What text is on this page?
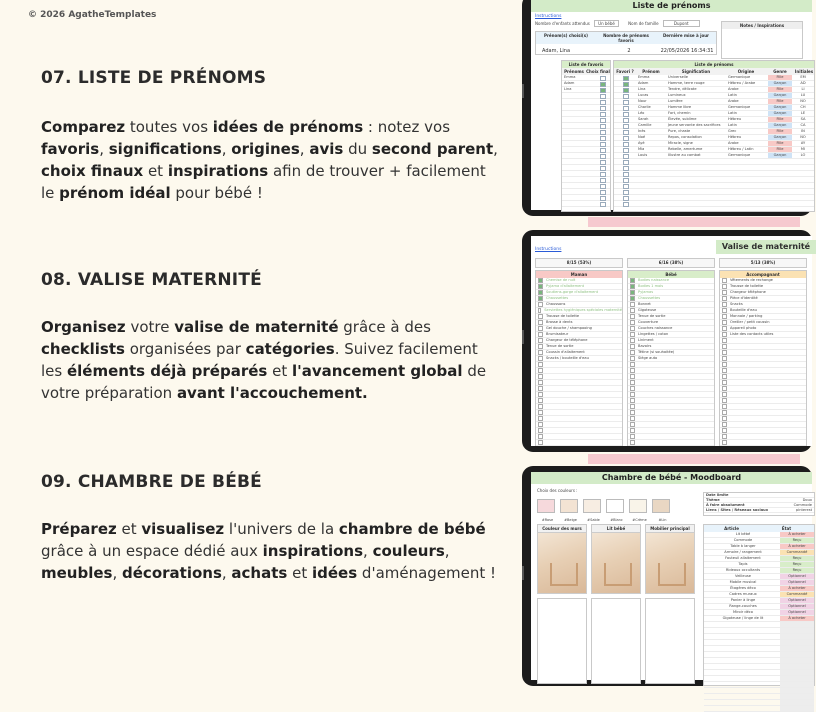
© 2026 AgatheTemplates
07. LISTE DE PRÉNOMS

Comparez toutes vos idées de prénoms : notez vos favoris, significations, origines, avis du second parent, choix finaux et inspirations afin de trouver + facilement le prénom idéal pour bébé !

08. VALISE MATERNITÉ

Organisez votre valise de maternité grâce à des checklists organisées par catégories. Suivez facilement les éléments déjà préparés et l'avancement global de votre préparation avant l'accouchement.

09. CHAMBRE DE BÉBÉ

Préparez et visualisez l'univers de la chambre de bébé grâce à un espace dédié aux inspirations, couleurs, meubles, décorations, achats et idées d'aménagement !

Liste de prénoms
Instructions
Nombre d'enfants attendus Un bébé	Nom de famille	Dupont	Notes / Inspirations
Prénom(s) choisi(s)	Nombre de prénoms favoris
Dernière mise à jour
Adam, Lina	2	22/05/2026 16:34:31
Liste de favoris
Prénoms Choix final
Emma
Adam
Lina
Liste de prénoms
Favori ?	Prénom	Signification	Origine	Genre	Initiales
Emma	Universelle	Germanique	Fille	EM
Adam	Homme, terre rouge	Hébreu / Arabe	Garçon	AD
Lina	Tendre, délicate	Arabe	Fille	LI
Lucas	Lumineux	Latin	Garçon	LU
Nour	Lumière	Arabe	Fille	NO
Charlie	Homme libre	Germanique	Garçon	CH
Léo	Fort, chemin	Latin	Garçon	LE
Sarah	Élevée, sublime	Hébreu	Fille	SA
Camille	Jeune servante des sacrifices	Latin	Garçon	CA
Inès	Pure, chaste	Grec	Fille	IN
Noé	Repos, consolation	Hébreu	Garçon	NO
Ayé	Miracle, signe	Arabe	Fille	AY
Mia	Rebelle, amertume	Hébreu / Latin	Fille	MI
Louis	Illustre au combat	Germanique	Garçon	LO
Instructions	Valise de maternité
8/15 (53%)
Maman
Chemise de nuit
Pyjama d'allaitement
Soutiens-gorge d'allaitement
Chaussettes
Chaussons
Serviettes hygiéniques spéciales maternité
Trousse de toilette
Brosse à dents
Gel douche / shampooing
Brumisateur
Chargeur de téléphone
Tenue de sortie
Coussin d'allaitement
Snacks / bouteille d'eau
6/16 (38%)
Bébé
Bodies naissance
Bodies 1 mois
Pyjamas
Chaussettes
Bonnet
Gigoteuse
Tenue de sortie
Couverture
Couches naissance
Lingettes / coton
Liniment
Bavoirs
Tétine (si souhaitée)
Siège auto
5/13 (38%)
Accompagnant
Vêtements de rechange
Trousse de toilette
Chargeur téléphone
Pièce d'identité
Snacks
Bouteille d'eau
Monnaie / parking
Oreiller / petit coussin
Appareil photo
Liste des contacts utiles
Chambre de bébé - Moodboard
Choix des couleurs :
#Rose	#Beige	#Sable	#Blanc	#Crème	#Lin
Couleur des murs	Lit bébé	Mobilier principal
Date limite
Thème	Doux
À faire absolument	Commode
Liens / Sites / Réseaux sociaux	pinterest
Article	État
Lit bébé	À acheter
Commode	Reçu
Table à langer	À acheter
Armoire / rangement	Commandé
Fauteuil allaitement	Reçu
Tapis	Reçu
Rideaux occultants	Reçu
Veilleuse	Optionnel
Mobile musical	Optionnel
Étagères déco	À acheter
Cadres muraux	Commandé
Panier à linge	Optionnel
Range-couches	Optionnel
Miroir déco	Optionnel
Gigoteuse / linge de lit	À acheter
